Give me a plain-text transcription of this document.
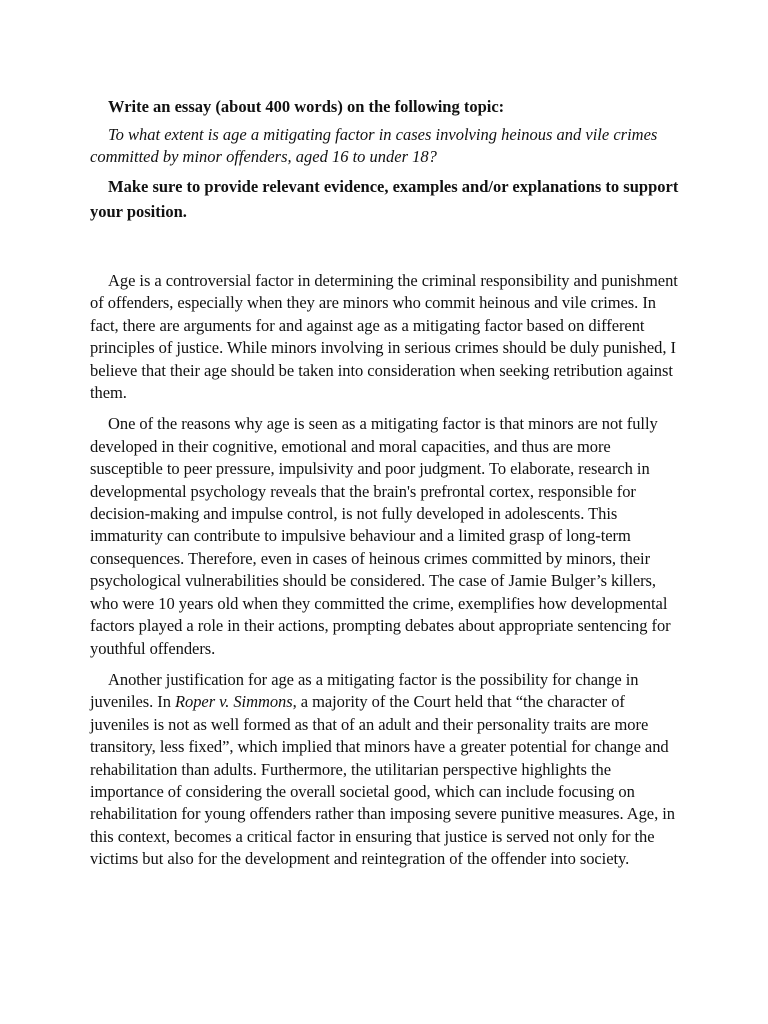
Write an essay (about 400 words) on the following topic:

To what extent is age a mitigating factor in cases involving heinous and vile crimes committed by minor offenders, aged 16 to under 18?

Make sure to provide relevant evidence, examples and/or explanations to support your position.

Age is a controversial factor in determining the criminal responsibility and punishment of offenders, especially when they are minors who commit heinous and vile crimes. In fact, there are arguments for and against age as a mitigating factor based on different principles of justice. While minors involving in serious crimes should be duly punished, I believe that their age should be taken into consideration when seeking retribution against them.

One of the reasons why age is seen as a mitigating factor is that minors are not fully developed in their cognitive, emotional and moral capacities, and thus are more susceptible to peer pressure, impulsivity and poor judgment. To elaborate, research in developmental psychology reveals that the brain's prefrontal cortex, responsible for decision-making and impulse control, is not fully developed in adolescents. This immaturity can contribute to impulsive behaviour and a limited grasp of long-term consequences. Therefore, even in cases of heinous crimes committed by minors, their psychological vulnerabilities should be considered. The case of Jamie Bulger’s killers, who were 10 years old when they committed the crime, exemplifies how developmental factors played a role in their actions, prompting debates about appropriate sentencing for youthful offenders.

Another justification for age as a mitigating factor is the possibility for change in juveniles. In Roper v. Simmons, a majority of the Court held that “the character of juveniles is not as well formed as that of an adult and their personality traits are more transitory, less fixed”, which implied that minors have a greater potential for change and rehabilitation than adults. Furthermore, the utilitarian perspective highlights the importance of considering the overall societal good, which can include focusing on rehabilitation for young offenders rather than imposing severe punitive measures. Age, in this context, becomes a critical factor in ensuring that justice is served not only for the victims but also for the development and reintegration of the offender into society.
